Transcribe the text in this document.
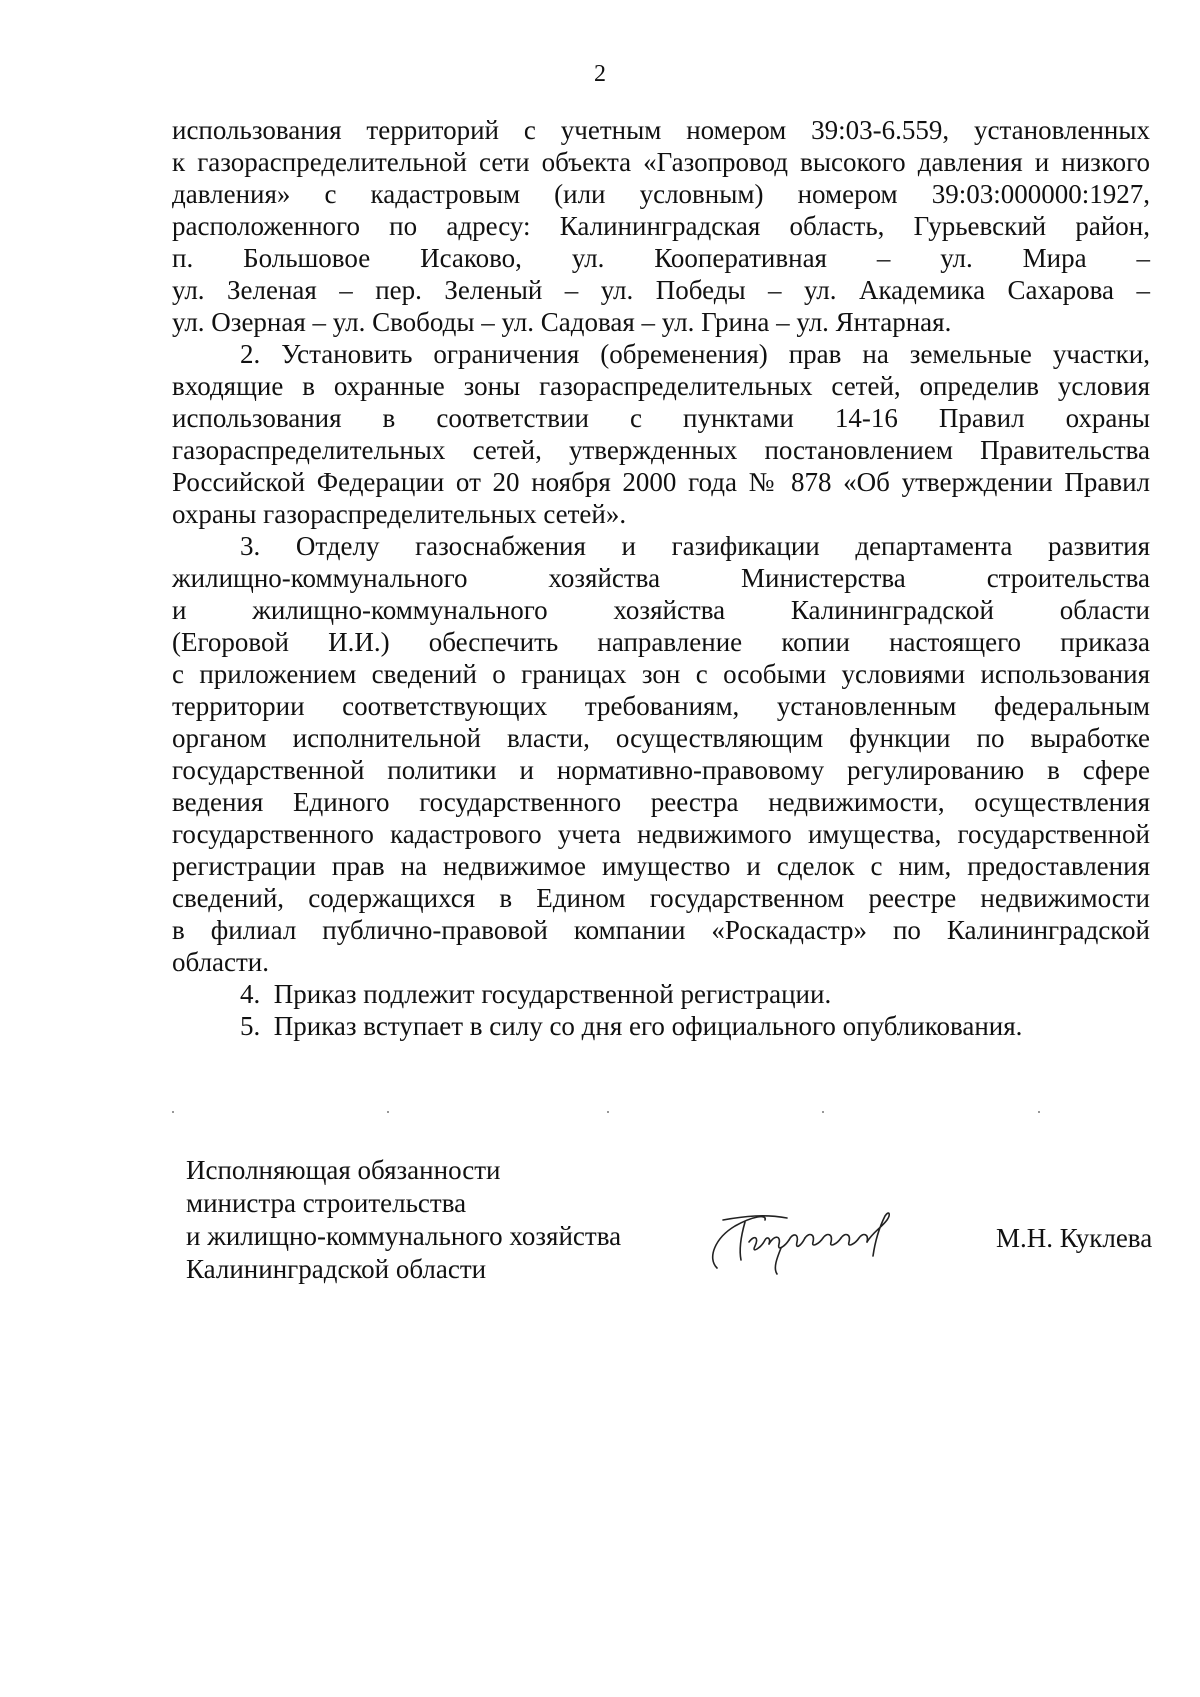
2
использования территорий с учетным номером 39:03-6.559, установленных
к газораспределительной сети объекта «Газопровод высокого давления и низкого
давления» с кадастровым (или условным) номером 39:03:000000:1927,
расположенного по адресу: Калининградская область, Гурьевский район,
п. Большовое Исаково, ул. Кооперативная – ул. Мира –
ул. Зеленая – пер. Зеленый – ул. Победы – ул. Академика Сахарова –
ул. Озерная – ул. Свободы – ул. Садовая – ул. Грина – ул. Янтарная.
2. Установить ограничения (обременения) прав на земельные участки,
входящие в охранные зоны газораспределительных сетей, определив условия
использования в соответствии с пунктами 14-16 Правил охраны
газораспределительных сетей, утвержденных постановлением Правительства
Российской Федерации от 20 ноября 2000 года № 878 «Об утверждении Правил
охраны газораспределительных сетей».
3. Отделу газоснабжения и газификации департамента развития
жилищно-коммунального хозяйства Министерства строительства
и жилищно-коммунального хозяйства Калининградской области
(Егоровой И.И.) обеспечить направление копии настоящего приказа
с приложением сведений о границах зон с особыми условиями использования
территории соответствующих требованиям, установленным федеральным
органом исполнительной власти, осуществляющим функции по выработке
государственной политики и нормативно-правовому регулированию в сфере
ведения Единого государственного реестра недвижимости, осуществления
государственного кадастрового учета недвижимого имущества, государственной
регистрации прав на недвижимое имущество и сделок с ним, предоставления
сведений, содержащихся в Едином государственном реестре недвижимости
в филиал публично-правовой компании «Роскадастр» по Калининградской
области.
4.  Приказ подлежит государственной регистрации.
5.  Приказ вступает в силу со дня его официального опубликования.
Исполняющая обязанности
министра строительства
и жилищно-коммунального хозяйства
Калининградской области
М.Н. Куклева
